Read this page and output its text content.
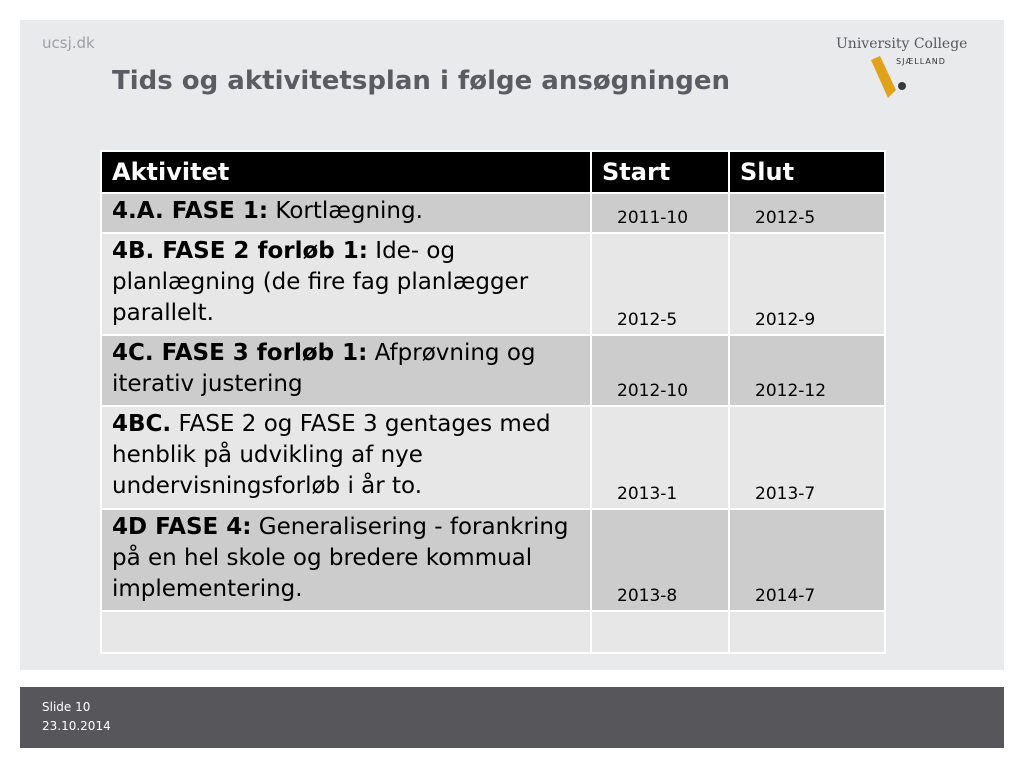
ucsj.dk
Tids og aktivitetsplan i følge ansøgningen
University College
SJÆLLAND
Aktivitet	Start	Slut
4.A. FASE 1: Kortlægning.	2011-10	2012-5
4B. FASE 2 forløb 1: Ide- og planlægning (de fire fag planlægger parallelt.	2012-5	2012-9
4C. FASE 3 forløb 1: Afprøvning og iterativ justering	2012-10	2012-12
4BC. FASE 2 og FASE 3 gentages med henblik på udvikling af nye undervisningsforløb i år to.	2013-1	2013-7
4D FASE 4: Generalisering - forankring på en hel skole og bredere kommual implementering.	2013-8	2014-7

Slide 10
23.10.2014
